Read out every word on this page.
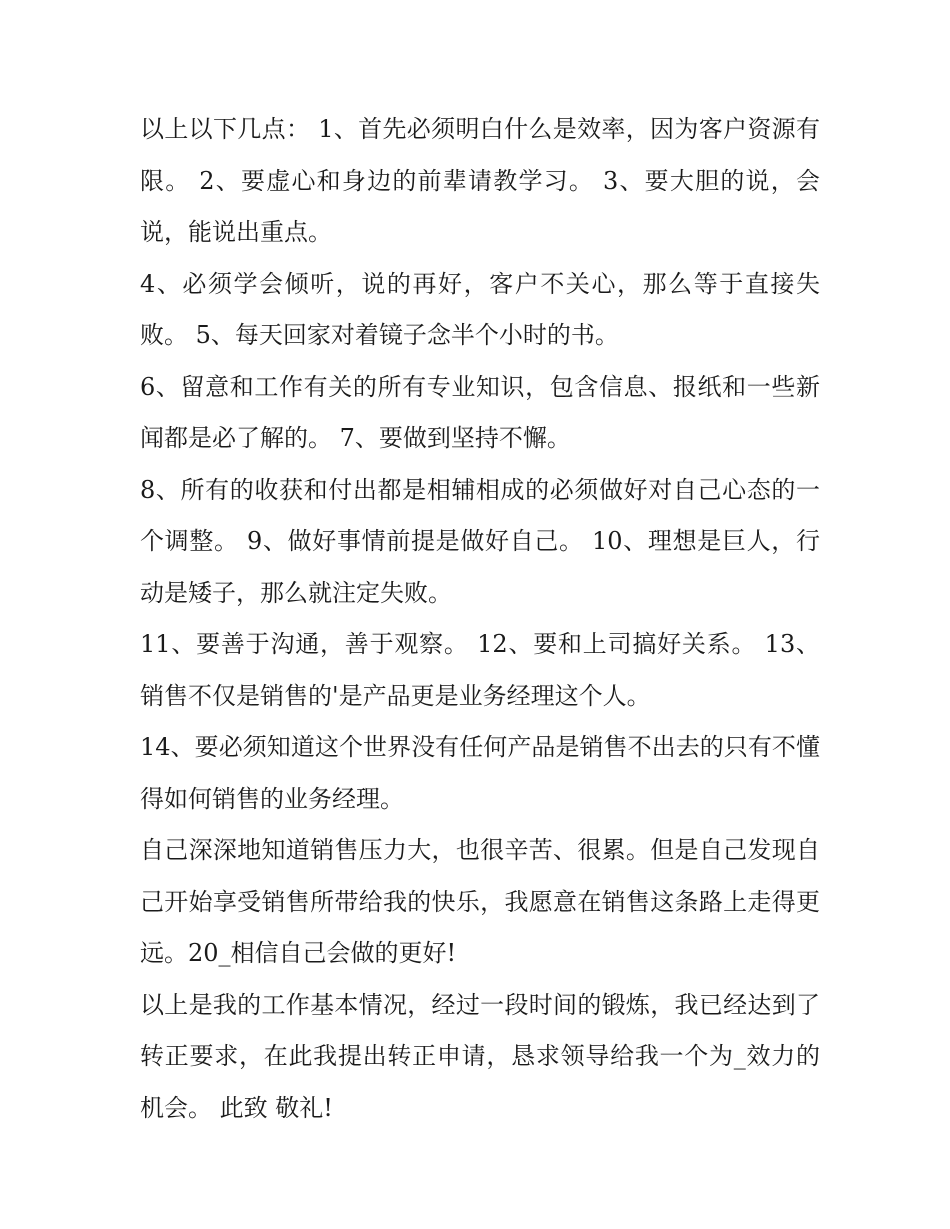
以上以下几点： 1、首先必须明白什么是效率，因为客户资源有限。 2、要虚心和身边的前辈请教学习。 3、要大胆的说，会说，能说出重点。

4、必须学会倾听，说的再好，客户不关心，那么等于直接失败。 5、每天回家对着镜子念半个小时的书。

6、留意和工作有关的所有专业知识，包含信息、报纸和一些新闻都是必了解的。 7、要做到坚持不懈。

8、所有的收获和付出都是相辅相成的必须做好对自己心态的一个调整。 9、做好事情前提是做好自己。 10、理想是巨人，行动是矮子，那么就注定失败。

11、要善于沟通，善于观察。 12、要和上司搞好关系。 13、销售不仅是销售的'是产品更是业务经理这个人。

14、要必须知道这个世界没有任何产品是销售不出去的只有不懂得如何销售的业务经理。

自己深深地知道销售压力大，也很辛苦、很累。但是自己发现自己开始享受销售所带给我的快乐，我愿意在销售这条路上走得更远。20_相信自己会做的更好!

以上是我的工作基本情况，经过一段时间的锻炼，我已经达到了转正要求，在此我提出转正申请，恳求领导给我一个为_效力的机会。 此致 敬礼!
